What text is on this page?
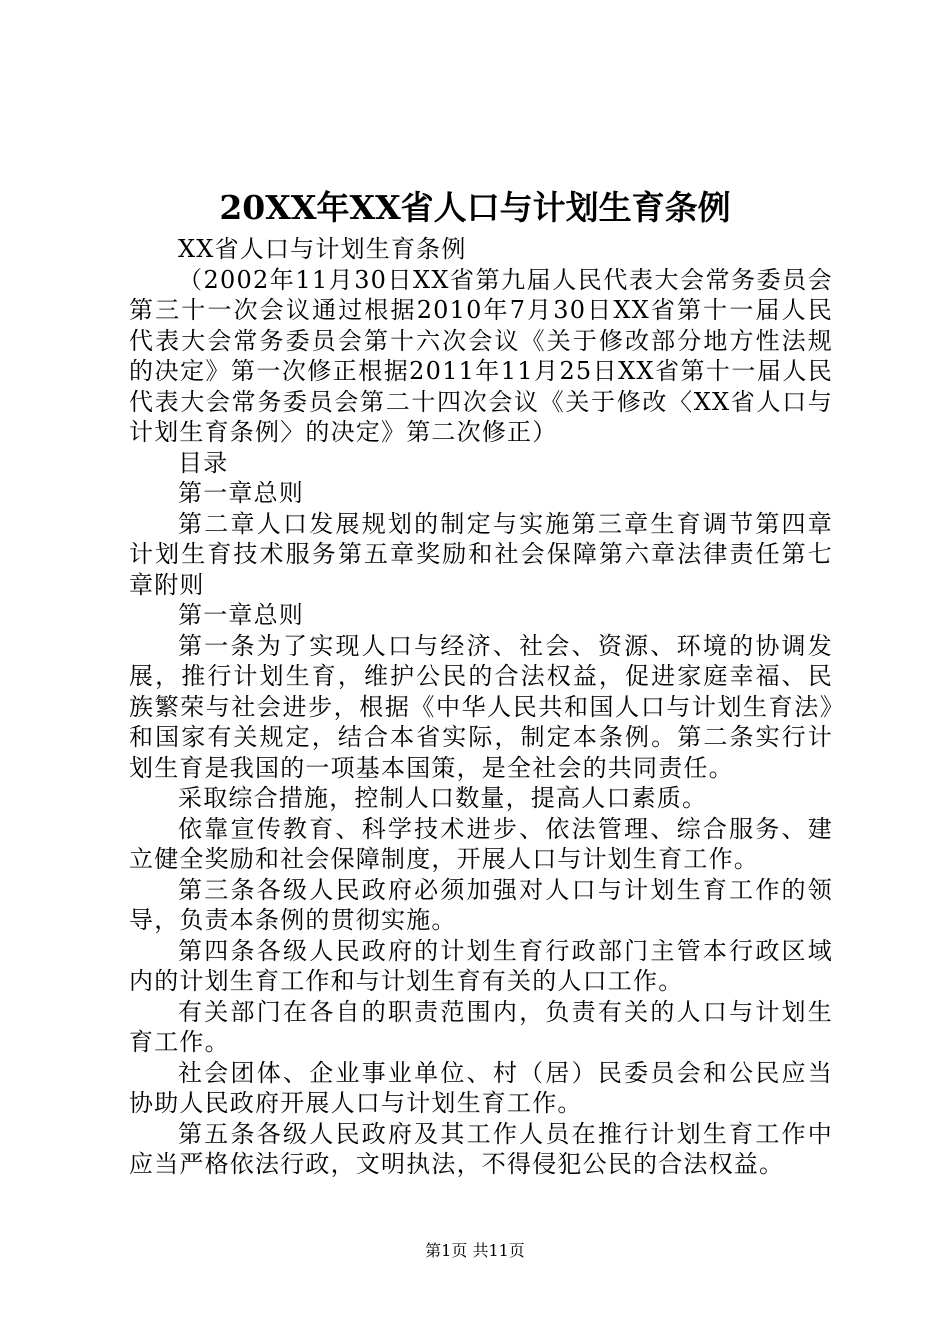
20XX年XX省人口与计划生育条例

XX省人口与计划生育条例

（2002年11月30日XX省第九届人民代表大会常务委员会第三十一次会议通过根据2010年7月30日XX省第十一届人民代表大会常务委员会第十六次会议《关于修改部分地方性法规的决定》第一次修正根据2011年11月25日XX省第十一届人民代表大会常务委员会第二十四次会议《关于修改〈XX省人口与计划生育条例〉的决定》第二次修正）

目录

第一章总则

第二章人口发展规划的制定与实施第三章生育调节第四章计划生育技术服务第五章奖励和社会保障第六章法律责任第七章附则

第一章总则

第一条为了实现人口与经济、社会、资源、环境的协调发展，推行计划生育，维护公民的合法权益，促进家庭幸福、民族繁荣与社会进步，根据《中华人民共和国人口与计划生育法》和国家有关规定，结合本省实际，制定本条例。第二条实行计划生育是我国的一项基本国策，是全社会的共同责任。

采取综合措施，控制人口数量，提高人口素质。

依靠宣传教育、科学技术进步、依法管理、综合服务、建立健全奖励和社会保障制度，开展人口与计划生育工作。

第三条各级人民政府必须加强对人口与计划生育工作的领导，负责本条例的贯彻实施。

第四条各级人民政府的计划生育行政部门主管本行政区域内的计划生育工作和与计划生育有关的人口工作。

有关部门在各自的职责范围内，负责有关的人口与计划生育工作。

社会团体、企业事业单位、村（居）民委员会和公民应当协助人民政府开展人口与计划生育工作。

第五条各级人民政府及其工作人员在推行计划生育工作中应当严格依法行政，文明执法，不得侵犯公民的合法权益。

第1页 共11页
